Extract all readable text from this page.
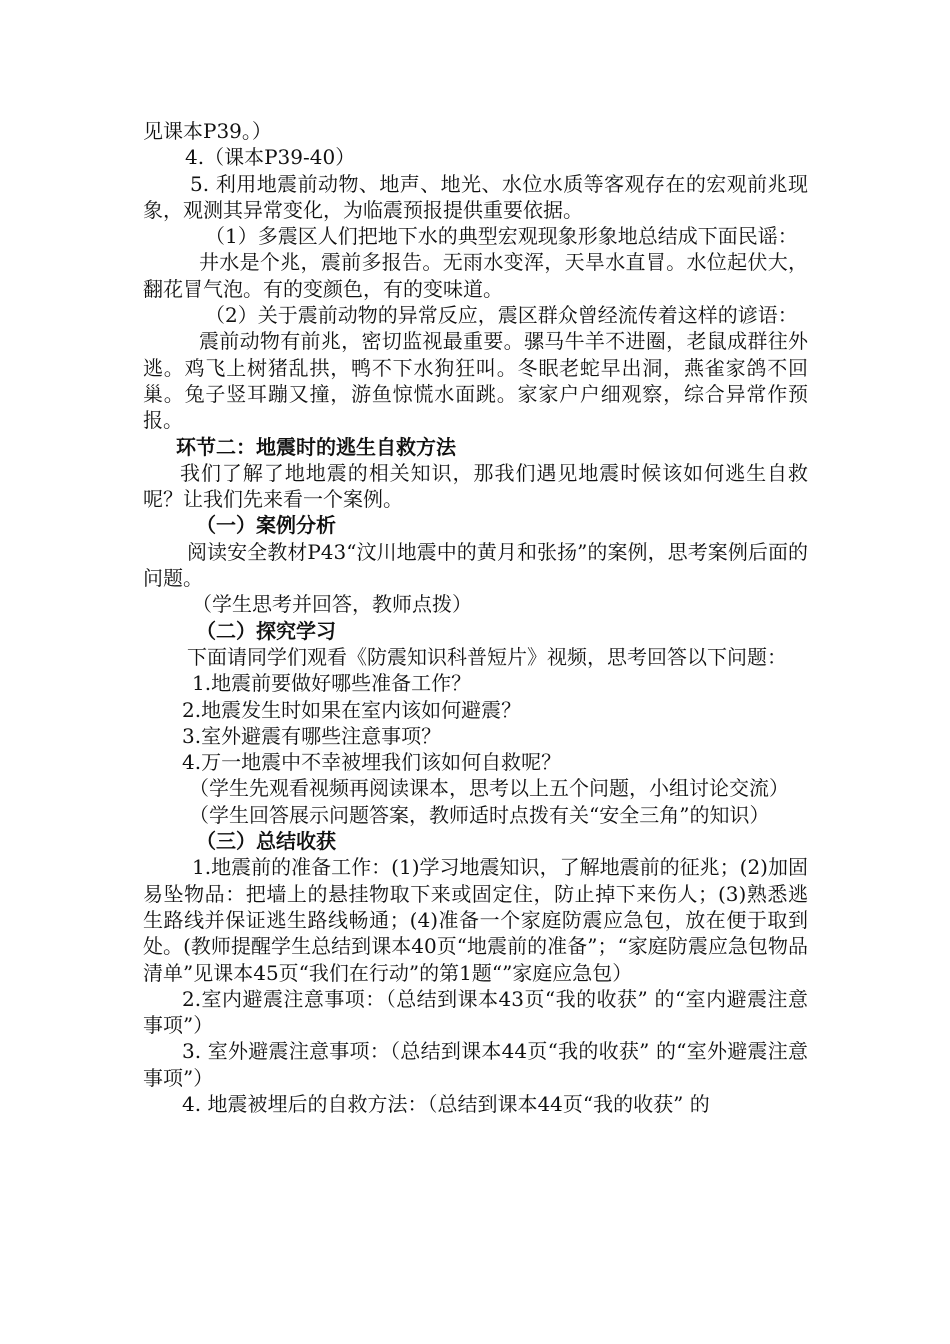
见课本P39。）

4.（课本P39-40）

5. 利用地震前动物、地声、地光、水位水质等客观存在的宏观前兆现象，观测其异常变化，为临震预报提供重要依据。

（1）多震区人们把地下水的典型宏观现象形象地总结成下面民谣：

井水是个兆，震前多报告。无雨水变浑，天旱水直冒。水位起伏大，翻花冒气泡。有的变颜色，有的变味道。

（2）关于震前动物的异常反应，震区群众曾经流传着这样的谚语：

震前动物有前兆，密切监视最重要。骡马牛羊不进圈，老鼠成群往外逃。鸡飞上树猪乱拱，鸭不下水狗狂叫。冬眠老蛇早出洞，燕雀家鸽不回巢。兔子竖耳蹦又撞，游鱼惊慌水面跳。家家户户细观察，综合异常作预报。

环节二：地震时的逃生自救方法

我们了解了地地震的相关知识，那我们遇见地震时候该如何逃生自救呢？让我们先来看一个案例。

（一）案例分析

阅读安全教材P43“汶川地震中的黄月和张扬”的案例，思考案例后面的问题。

（学生思考并回答，教师点拨）

（二）探究学习

下面请同学们观看《防震知识科普短片》视频，思考回答以下问题：

1.地震前要做好哪些准备工作？

2.地震发生时如果在室内该如何避震？

3.室外避震有哪些注意事项？

4.万一地震中不幸被埋我们该如何自救呢？

（学生先观看视频再阅读课本，思考以上五个问题，小组讨论交流）

（学生回答展示问题答案，教师适时点拨有关“安全三角”的知识）

（三）总结收获

1.地震前的准备工作：(1)学习地震知识，了解地震前的征兆；(2)加固易坠物品：把墙上的悬挂物取下来或固定住，防止掉下来伤人；(3)熟悉逃生路线并保证逃生路线畅通；(4)准备一个家庭防震应急包，放在便于取到处。(教师提醒学生总结到课本40页“地震前的准备”；“家庭防震应急包物品清单”见课本45页“我们在行动”的第1题“”家庭应急包）

2.室内避震注意事项：（总结到课本43页“我的收获” 的“室内避震注意事项”）

3. 室外避震注意事项：（总结到课本44页“我的收获” 的“室外避震注意事项”）

4. 地震被埋后的自救方法：（总结到课本44页“我的收获” 的
